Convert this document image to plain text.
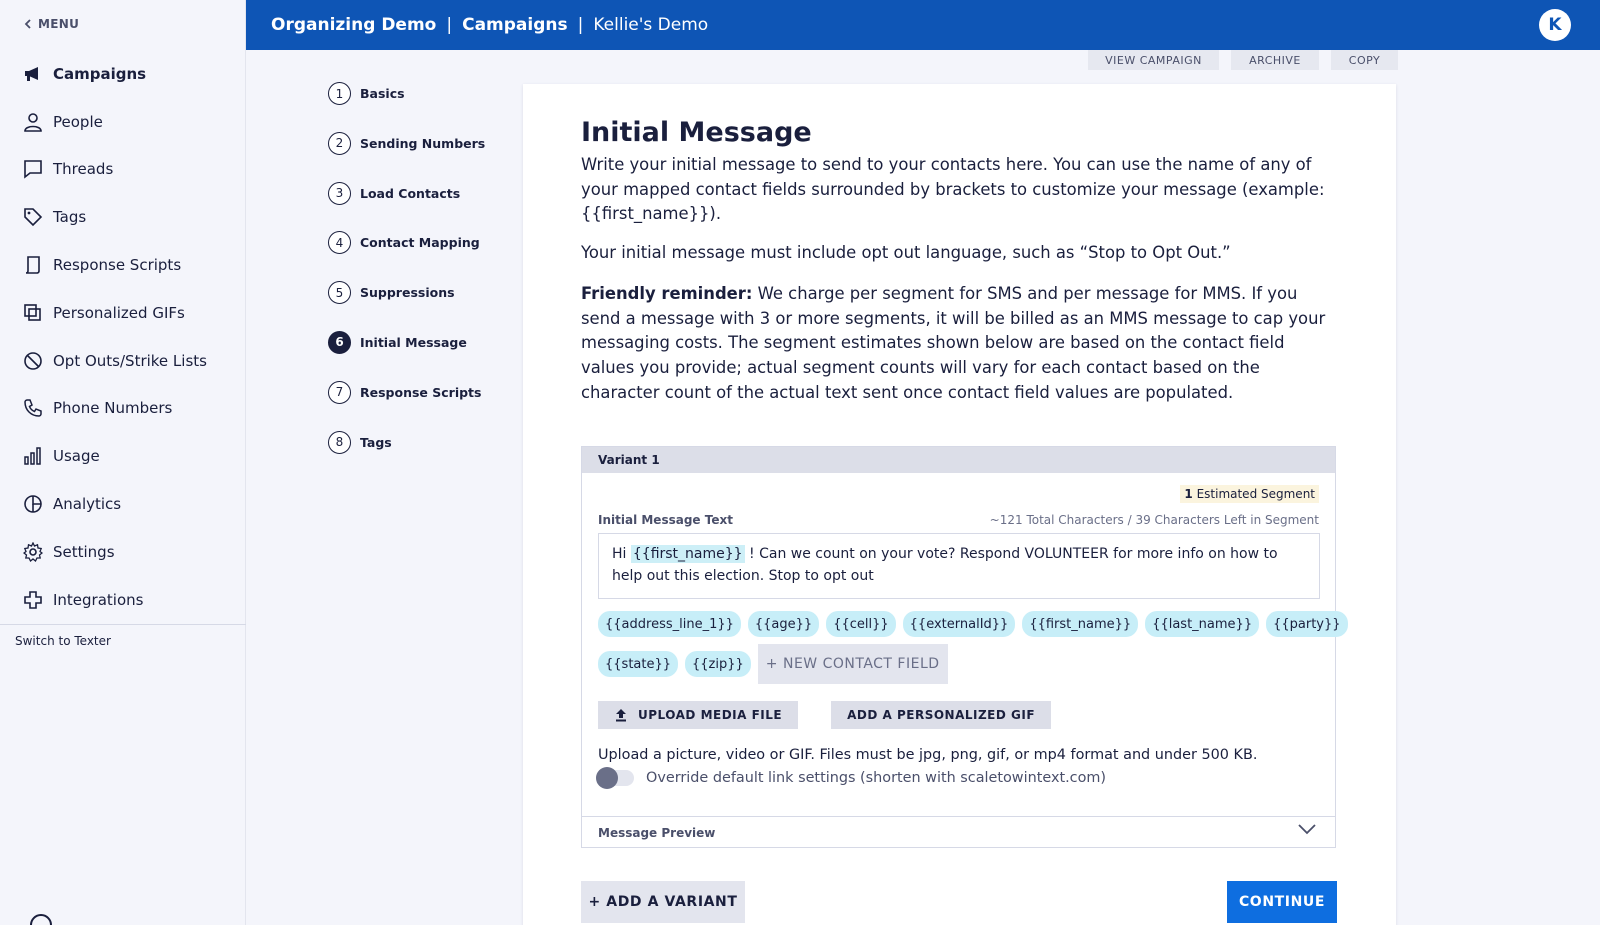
MENU
Campaigns
People
Threads
Tags
Response Scripts
Personalized GIFs
Opt Outs/Strike Lists
Phone Numbers
Usage
Analytics
Settings
Integrations
Switch to Texter
Organizing Demo | Campaigns | Kellie's Demo	K
VIEW CAMPAIGN	ARCHIVE	COPY
1	Basics
2	Sending Numbers
3	Load Contacts
4	Contact Mapping
5	Suppressions
6	Initial Message
7	Response Scripts
8	Tags
Initial Message
Write your initial message to send to your contacts here. You can use the name of any of your mapped contact fields surrounded by brackets to customize your message (example: {{first_name}}).
Your initial message must include opt out language, such as “Stop to Opt Out.”
Friendly reminder: We charge per segment for SMS and per message for MMS. If you send a message with 3 or more segments, it will be billed as an MMS message to cap your messaging costs. The segment estimates shown below are based on the contact field values you provide; actual segment counts will vary for each contact based on the character count of the actual text sent once contact field values are populated.
Variant 1
1 Estimated Segment
Initial Message Text	~121 Total Characters / 39 Characters Left in Segment
Hi {{first_name}} ! Can we count on your vote? Respond VOLUNTEER for more info on how to help out this election. Stop to opt out
{{address_line_1}}	{{age}}	{{cell}}	{{externalId}}	{{first_name}}	{{last_name}}	{{party}}
{{state}}	{{zip}}	+ NEW CONTACT FIELD
UPLOAD MEDIA FILE	ADD A PERSONALIZED GIF
Upload a picture, video or GIF. Files must be jpg, png, gif, or mp4 format and under 500 KB.
Override default link settings (shorten with scaletowintext.com)
Message Preview
+ ADD A VARIANT	CONTINUE
